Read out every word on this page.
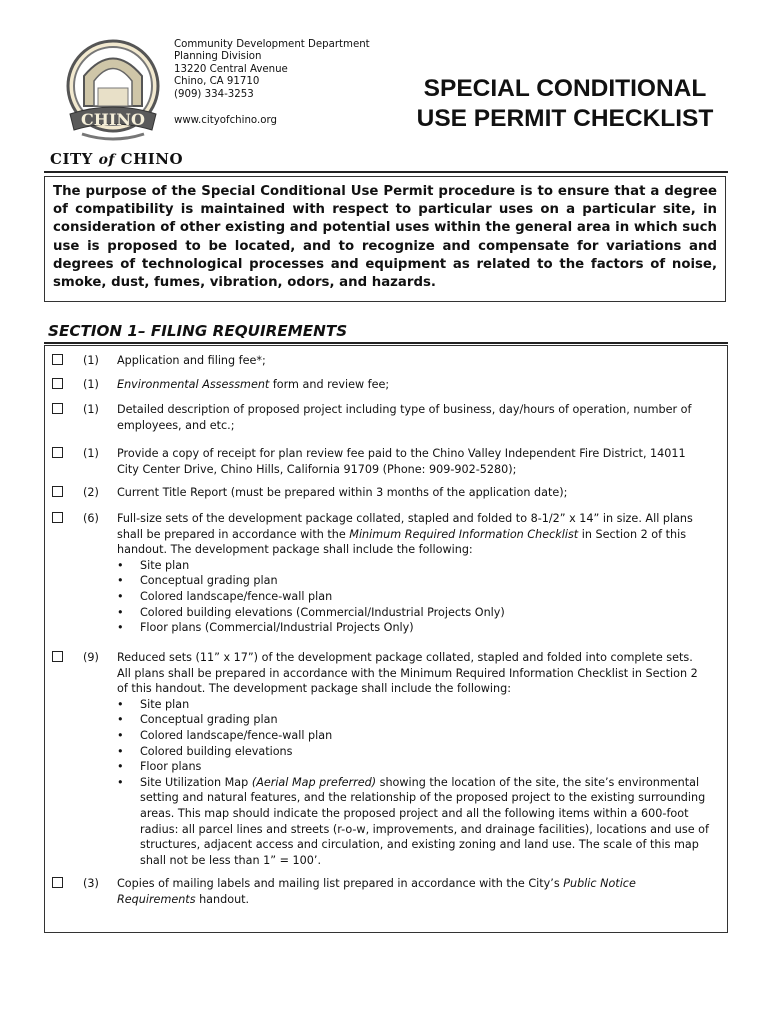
CHINO
Community Development Department
Planning Division
13220 Central Avenue
Chino, CA 91710
(909) 334-3253
www.cityofchino.org
SPECIAL CONDITIONAL
USE PERMIT CHECKLIST
CITY of CHINO
The purpose of the Special Conditional Use Permit procedure is to ensure that a degree of compatibility is maintained with respect to particular uses on a particular site, in consideration of other existing and potential uses within the general area in which such use is proposed to be located, and to recognize and compensate for variations and degrees of technological processes and equipment as related to the factors of noise, smoke, dust, fumes, vibration, odors, and hazards.
SECTION 1– FILING REQUIREMENTS
(1) Application and filing fee*;
(1) Environmental Assessment form and review fee;
(1) Detailed description of proposed project including type of business, day/hours of operation, number of employees, and etc.;
(1) Provide a copy of receipt for plan review fee paid to the Chino Valley Independent Fire District, 14011 City Center Drive, Chino Hills, California 91709 (Phone: 909-902-5280);
(2) Current Title Report (must be prepared within 3 months of the application date);
(6) Full-size sets of the development package collated, stapled and folded to 8-1/2” x 14” in size. All plans shall be prepared in accordance with the Minimum Required Information Checklist in Section 2 of this handout. The development package shall include the following:
• Site plan
• Conceptual grading plan
• Colored landscape/fence-wall plan
• Colored building elevations (Commercial/Industrial Projects Only)
• Floor plans (Commercial/Industrial Projects Only)
(9) Reduced sets (11” x 17”) of the development package collated, stapled and folded into complete sets. All plans shall be prepared in accordance with the Minimum Required Information Checklist in Section 2 of this handout. The development package shall include the following:
• Site plan
• Conceptual grading plan
• Colored landscape/fence-wall plan
• Colored building elevations
• Floor plans
• Site Utilization Map (Aerial Map preferred) showing the location of the site, the site’s environmental setting and natural features, and the relationship of the proposed project to the existing surrounding areas. This map should indicate the proposed project and all the following items within a 600-foot radius: all parcel lines and streets (r-o-w, improvements, and drainage facilities), locations and use of structures, adjacent access and circulation, and existing zoning and land use. The scale of this map shall not be less than 1” = 100’.
(3) Copies of mailing labels and mailing list prepared in accordance with the City’s Public Notice Requirements handout.
